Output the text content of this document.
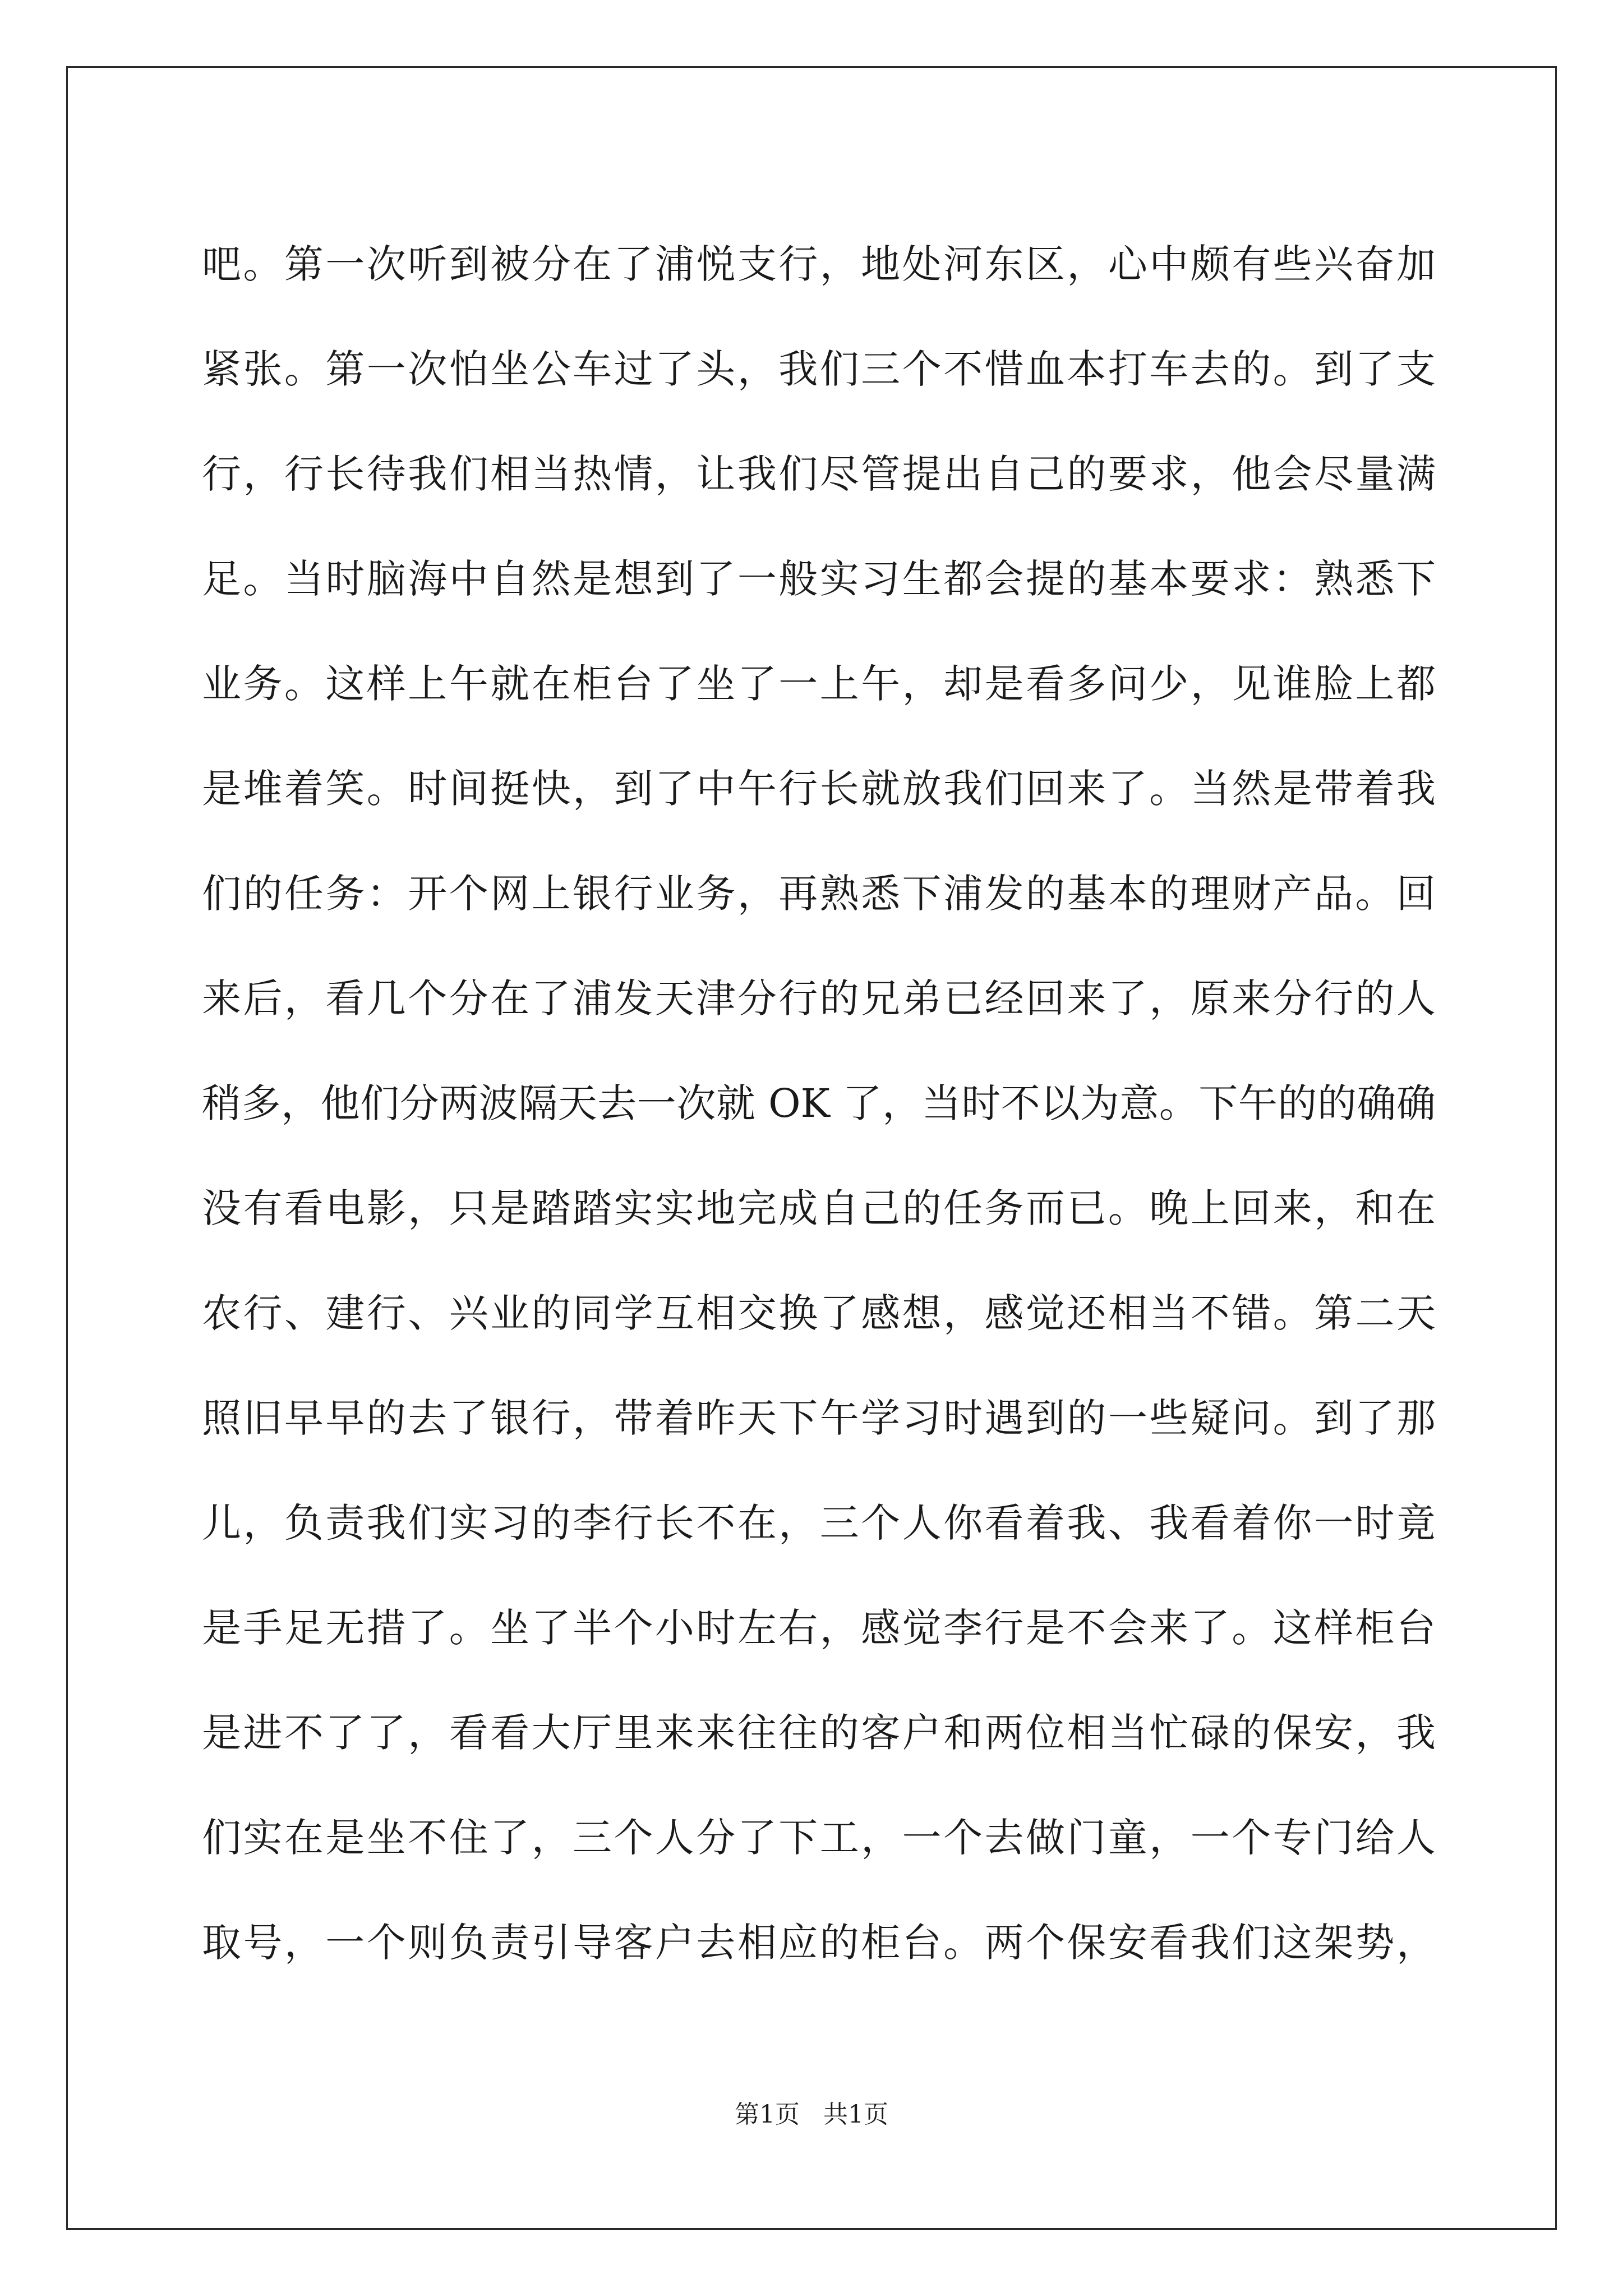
吧。第一次听到被分在了浦悦支行，地处河东区，心中颇有些兴奋加
紧张。第一次怕坐公车过了头，我们三个不惜血本打车去的。到了支
行，行长待我们相当热情，让我们尽管提出自己的要求，他会尽量满
足。当时脑海中自然是想到了一般实习生都会提的基本要求：熟悉下
业务。这样上午就在柜台了坐了一上午，却是看多问少，见谁脸上都
是堆着笑。时间挺快，到了中午行长就放我们回来了。当然是带着我
们的任务：开个网上银行业务，再熟悉下浦发的基本的理财产品。回
来后，看几个分在了浦发天津分行的兄弟已经回来了，原来分行的人
稍多，他们分两波隔天去一次就 OK 了，当时不以为意。下午的的确确
没有看电影，只是踏踏实实地完成自己的任务而已。晚上回来，和在
农行、建行、兴业的同学互相交换了感想，感觉还相当不错。第二天
照旧早早的去了银行，带着昨天下午学习时遇到的一些疑问。到了那
儿，负责我们实习的李行长不在，三个人你看着我、我看着你一时竟
是手足无措了。坐了半个小时左右，感觉李行是不会来了。这样柜台
是进不了了，看看大厅里来来往往的客户和两位相当忙碌的保安，我
们实在是坐不住了，三个人分了下工，一个去做门童，一个专门给人
取号，一个则负责引导客户去相应的柜台。两个保安看我们这架势，
第1页   共1页
